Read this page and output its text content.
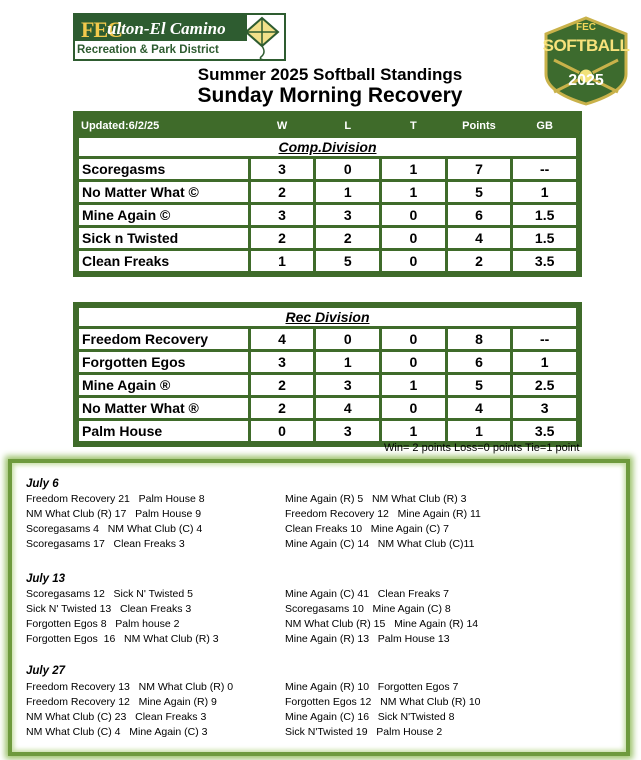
FEC
ulton-El Camino
Recreation & Park District
FEC
SOFTBALL
2025
Summer 2025 Softball Standings
Sunday Morning Recovery
Updated:6/2/25	W	L	T	Points	GB
Comp.Division					
Scoregasms	3	0	1	7	--
No Matter What ©	2	1	1	5	1
Mine Again ©	3	3	0	6	1.5
Sick n Twisted	2	2	0	4	1.5
Clean Freaks	1	5	0	2	3.5
Rec Division					
Freedom Recovery	4	0	0	8	--
Forgotten Egos	3	1	0	6	1
Mine Again ®	2	3	1	5	2.5
No Matter What ®	2	4	0	4	3
Palm House	0	3	1	1	3.5
Win= 2 points Loss=0 points Tie=1 point
July 6
Freedom Recovery 21   Palm House 8
NM What Club (R) 17   Palm House 9
Scoregasams 4   NM What Club (C) 4
Scoregasams 17   Clean Freaks 3
Mine Again (R) 5   NM What Club (R) 3
Freedom Recovery 12   Mine Again (R) 11
Clean Freaks 10   Mine Again (C) 7
Mine Again (C) 14   NM What Club (C)11
July 13
Scoregasams 12   Sick N' Twisted 5
Sick N' Twisted 13   Clean Freaks 3
Forgotten Egos 8   Palm house 2
Forgotten Egos  16   NM What Club (R) 3
Mine Again (C) 41   Clean Freaks 7
Scoregasams 10   Mine Again (C) 8
NM What Club (R) 15   Mine Again (R) 14
Mine Again (R) 13   Palm House 13
July 27
Freedom Recovery 13   NM What Club (R) 0
Freedom Recovery 12   Mine Again (R) 9
NM What Club (C) 23   Clean Freaks 3
NM What Club (C) 4   Mine Again (C) 3
Mine Again (R) 10   Forgotten Egos 7
Forgotten Egos 12   NM What Club (R) 10
Mine Again (C) 16   Sick N'Twisted 8
Sick N'Twisted 19   Palm House 2
